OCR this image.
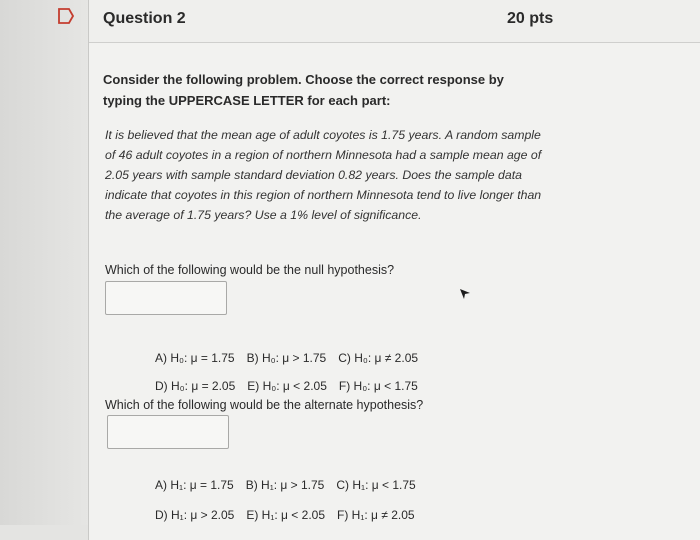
Question 2	20 pts
Consider the following problem. Choose the correct response by typing the UPPERCASE LETTER for each part:
It is believed that the mean age of adult coyotes is 1.75 years. A random sample of 46 adult coyotes in a region of northern Minnesota had a sample mean age of 2.05 years with sample standard deviation 0.82 years. Does the sample data indicate that coyotes in this region of northern Minnesota tend to live longer than the average of 1.75 years? Use a 1% level of significance.
Which of the following would be the null hypothesis?

A) H₀: μ = 1.75 B) H₀: μ > 1.75 C) H₀: μ ≠ 2.05

D) H₀: μ = 2.05 E) H₀: μ < 2.05 F) H₀: μ < 1.75

Which of the following would be the alternate hypothesis?

A) H₁: μ = 1.75 B) H₁: μ > 1.75 C) H₁: μ < 1.75

D) H₁: μ > 2.05 E) H₁: μ < 2.05 F) H₁: μ ≠ 2.05
